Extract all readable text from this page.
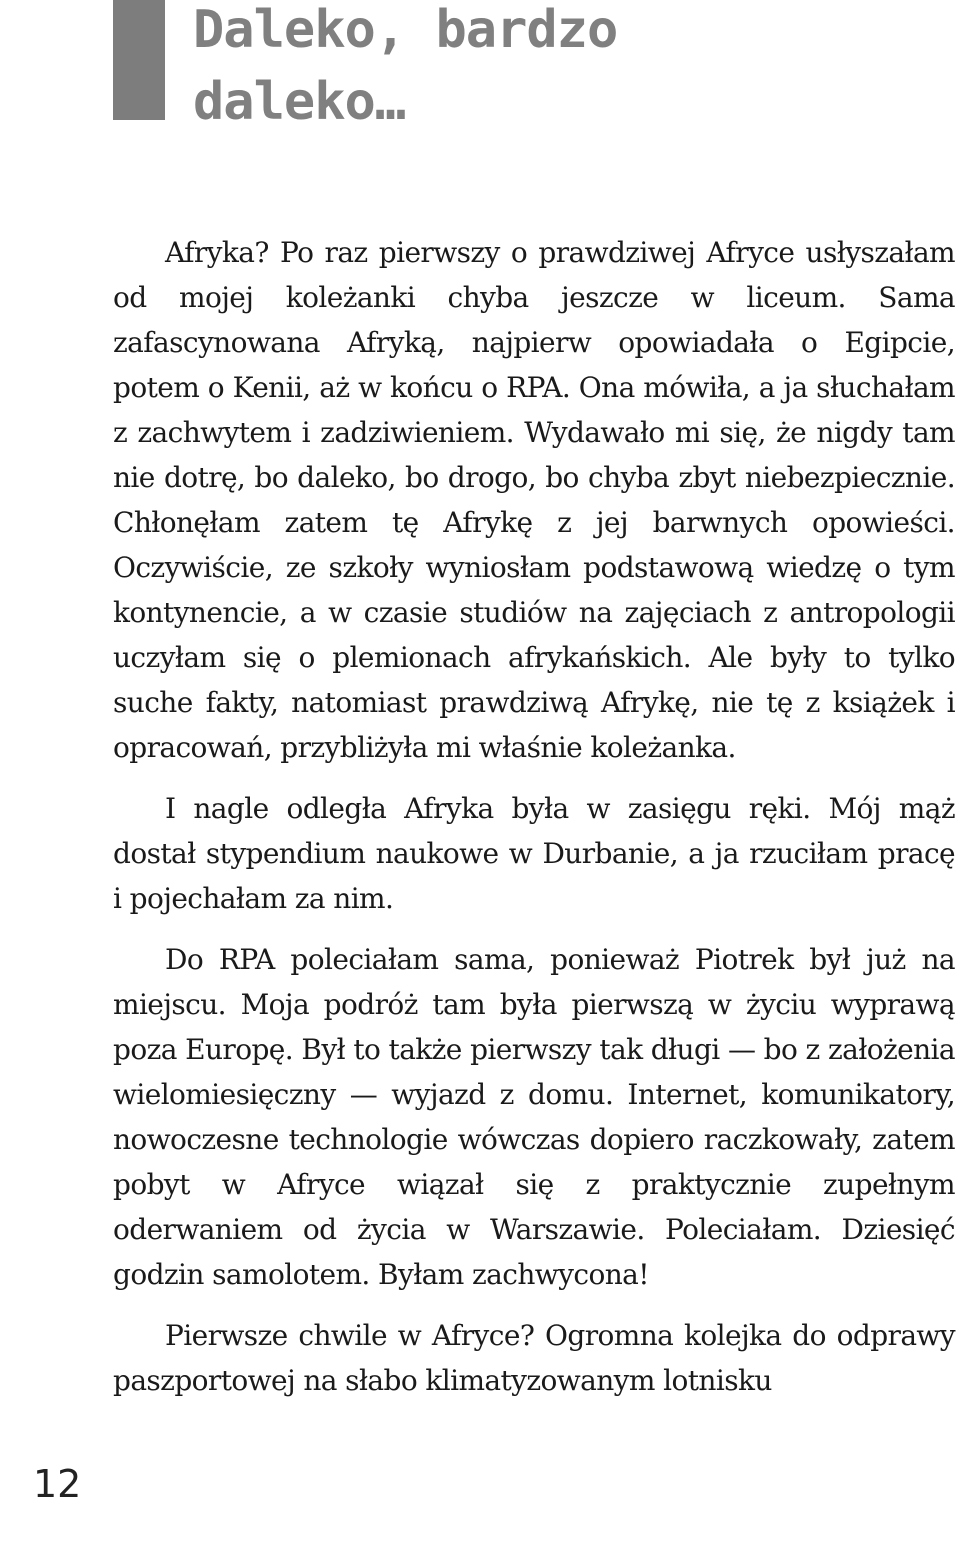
Daleko, bardzo
daleko…

Afryka? Po raz pierwszy o prawdziwej Afryce usłyszałam od mojej koleżanki chyba jeszcze w liceum. Sama zafascynowana Afryką, najpierw opowiadała o Egipcie, potem o Kenii, aż w końcu o RPA. Ona mówiła, a ja słuchałam z zachwytem i zadziwieniem. Wydawało mi się, że nigdy tam nie dotrę, bo daleko, bo drogo, bo chyba zbyt niebezpiecznie. Chłonęłam zatem tę Afrykę z jej barwnych opowieści. Oczywiście, ze szkoły wyniosłam podstawową wiedzę o tym kontynencie, a w czasie studiów na zajęciach z antropologii uczyłam się o plemionach afrykańskich. Ale były to tylko suche fakty, natomiast prawdziwą Afrykę, nie tę z książek i opracowań, przybliżyła mi właśnie koleżanka.

I nagle odległa Afryka była w zasięgu ręki. Mój mąż dostał stypendium naukowe w Durbanie, a ja rzuciłam pracę i pojechałam za nim.

Do RPA poleciałam sama, ponieważ Piotrek był już na miejscu. Moja podróż tam była pierwszą w życiu wyprawą poza Europę. Był to także pierwszy tak długi — bo z założenia wielomiesięczny — wyjazd z domu. Internet, komunikatory, nowoczesne technologie wówczas dopiero raczkowały, zatem pobyt w Afryce wiązał się z praktycznie zupełnym oderwaniem od życia w Warszawie. Poleciałam. Dziesięć godzin samolotem. Byłam zachwycona!

Pierwsze chwile w Afryce? Ogromna kolejka do odprawy paszportowej na słabo klimatyzowanym lotnisku

12
